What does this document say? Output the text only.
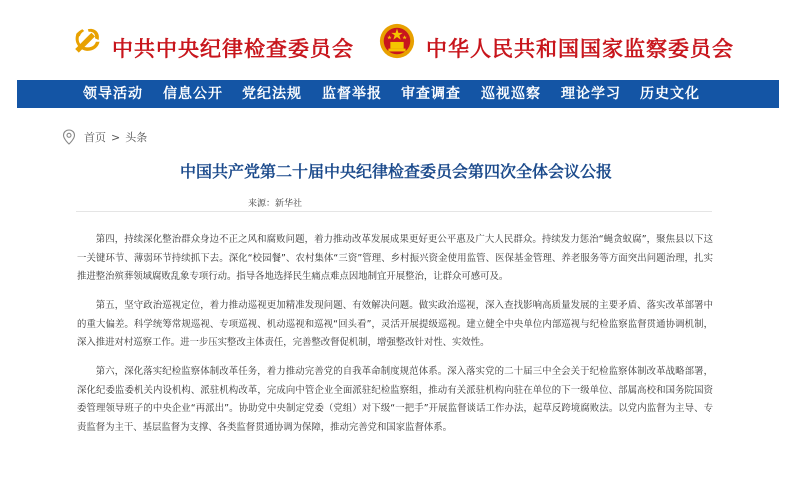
中共中央纪律检查委员会	中华人民共和国国家监察委员会
领导活动 信息公开 党纪法规 监督举报 审查调查 巡视巡察 理论学习 历史文化
首页 > 头条
中国共产党第二十届中央纪律检查委员会第四次全体会议公报
来源：新华社

第四，持续深化整治群众身边不正之风和腐败问题，着力推动改革发展成果更好更公平惠及广大人民群众。持续发力惩治“蝇贪蚁腐”，聚焦县以下这一关键环节、薄弱环节持续抓下去。深化“校园餐”、农村集体“三资”管理、乡村振兴资金使用监管、医保基金管理、养老服务等方面突出问题治理，扎实推进整治殡葬领域腐败乱象专项行动。指导各地选择民生痛点难点因地制宜开展整治，让群众可感可及。

第五，坚守政治巡视定位，着力推动巡视更加精准发现问题、有效解决问题。做实政治巡视，深入查找影响高质量发展的主要矛盾、落实改革部署中的重大偏差。科学统筹常规巡视、专项巡视、机动巡视和巡视“回头看”，灵活开展提级巡视。建立健全中央单位内部巡视与纪检监察监督贯通协调机制，深入推进对村巡察工作。进一步压实整改主体责任，完善整改督促机制，增强整改针对性、实效性。

第六，深化落实纪检监察体制改革任务，着力推动完善党的自我革命制度规范体系。深入落实党的二十届三中全会关于纪检监察体制改革战略部署，深化纪委监委机关内设机构、派驻机构改革，完成向中管企业全面派驻纪检监察组，推动有关派驻机构向驻在单位的下一级单位、部属高校和国务院国资委管理领导班子的中央企业“再派出”。协助党中央制定党委（党组）对下级“一把手”开展监督谈话工作办法，起草反跨境腐败法。以党内监督为主导、专责监督为主干、基层监督为支撑、各类监督贯通协调为保障，推动完善党和国家监督体系。
